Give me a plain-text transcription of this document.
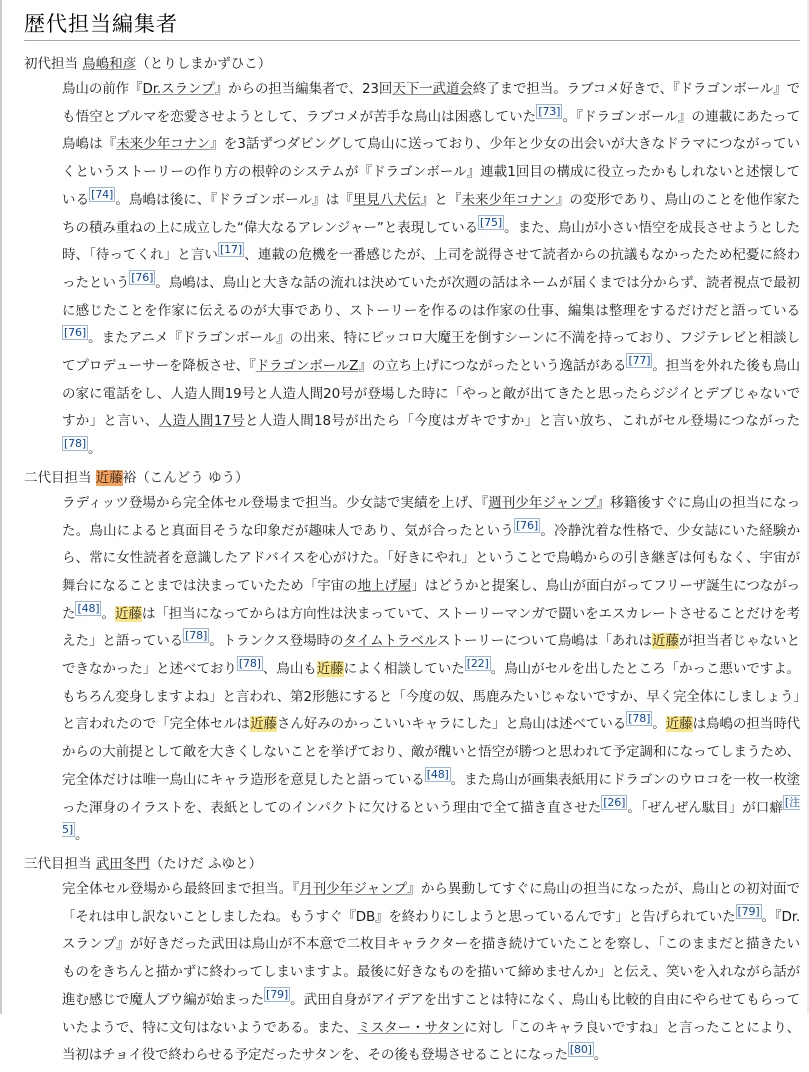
歴代担当編集者
初代担当 鳥嶋和彦（とりしまかずひこ）
鳥山の前作『Dr.スランプ』からの担当編集者で、23回天下一武道会終了まで担当。ラブコメ好きで、『ドラゴンボール』でも悟空とブルマを恋愛させようとして、ラブコメが苦手な鳥山は困惑していた [73] 。『ドラゴンボール』の連載にあたって鳥嶋は『未来少年コナン』を3話ずつダビングして鳥山に送っており、少年と少女の出会いが大きなドラマにつながっていくというストーリーの作り方の根幹のシステムが『ドラゴンボール』連載1回目の構成に役立ったかもしれないと述懐している [74] 。鳥嶋は後に、『ドラゴンボール』は『里見八犬伝』と『未来少年コナン』の変形であり、鳥山のことを他作家たちの積み重ねの上に成立した“偉大なるアレンジャー”と表現している [75] 。また、鳥山が小さい悟空を成長させようとした時、「待ってくれ」と言い [17] 、連載の危機を一番感じたが、上司を説得させて読者からの抗議もなかったため杞憂に終わったという [76] 。鳥嶋は、鳥山と大きな話の流れは決めていたが次週の話はネームが届くまでは分からず、読者視点で最初に感じたことを作家に伝えるのが大事であり、ストーリーを作るのは作家の仕事、編集は整理をするだけだと語っている[76] 。またアニメ『ドラゴンボール』の出来、特にピッコロ大魔王を倒すシーンに不満を持っており、フジテレビと相談してプロデューサーを降板させ、『ドラゴンボールZ』の立ち上げにつながったという逸話がある [77] 。担当を外れた後も鳥山の家に電話をし、人造人間19号と人造人間20号が登場した時に「やっと敵が出てきたと思ったらジジイとデブじゃないですか」と言い、人造人間17号と人造人間18号が出たら「今度はガキですか」と言い放ち、これがセル登場につながった[78] 。
二代目担当 近藤裕（こんどう ゆう）
ラディッツ登場から完全体セル登場まで担当。少女誌で実績を上げ、『週刊少年ジャンプ』移籍後すぐに鳥山の担当になった。鳥山によると真面目そうな印象だが趣味人であり、気が合ったという [76] 。冷静沈着な性格で、少女誌にいた経験から、常に女性読者を意識したアドバイスを心がけた。「好きにやれ」ということで鳥嶋からの引き継ぎは何もなく、宇宙が舞台になることまでは決まっていたため「宇宙の地上げ屋」はどうかと提案し、鳥山が面白がってフリーザ誕生につながった [48] 。近藤は「担当になってからは方向性は決まっていて、ストーリーマンガで闘いをエスカレートさせることだけを考えた」と語っている [78] 。トランクス登場時のタイムトラベルストーリーについて鳥嶋は「あれは近藤が担当者じゃないとできなかった」と述べており [78] 、鳥山も近藤によく相談していた [22] 。鳥山がセルを出したところ「かっこ悪いですよ。もちろん変身しますよね」と言われ、第2形態にすると「今度の奴、馬鹿みたいじゃないですか、早く完全体にしましょう」と言われたので「完全体セルは近藤さん好みのかっこいいキャラにした」と鳥山は述べている [78] 。近藤は鳥嶋の担当時代からの大前提として敵を大きくしないことを挙げており、敵が醜いと悟空が勝つと思われて予定調和になってしまうため、完全体だけは唯一鳥山にキャラ造形を意見したと語っている [48] 。また鳥山が画集表紙用にドラゴンのウロコを一枚一枚塗った渾身のイラストを、表紙としてのインパクトに欠けるという理由で全て描き直させた [26] 。「ぜんぜん駄目」が口癖 [注 5] 。
三代目担当 武田冬門（たけだ ふゆと）
完全体セル登場から最終回まで担当。『月刊少年ジャンプ』から異動してすぐに鳥山の担当になったが、鳥山との初対面で「それは申し訳ないことしましたね。もうすぐ『DB』を終わりにしようと思っているんです」と告げられていた [79] 。『Dr.スランプ』が好きだった武田は鳥山が不本意で二枚目キャラクターを描き続けていたことを察し、「このままだと描きたいものをきちんと描かずに終わってしまいますよ。最後に好きなものを描いて締めませんか」と伝え、笑いを入れながら話が進む感じで魔人ブウ編が始まった [79] 。武田自身がアイデアを出すことは特になく、鳥山も比較的自由にやらせてもらっていたようで、特に文句はないようである。また、ミスター・サタンに対し「このキャラ良いですね」と言ったことにより、当初はチョイ役で終わらせる予定だったサタンを、その後も登場させることになった [80] 。
